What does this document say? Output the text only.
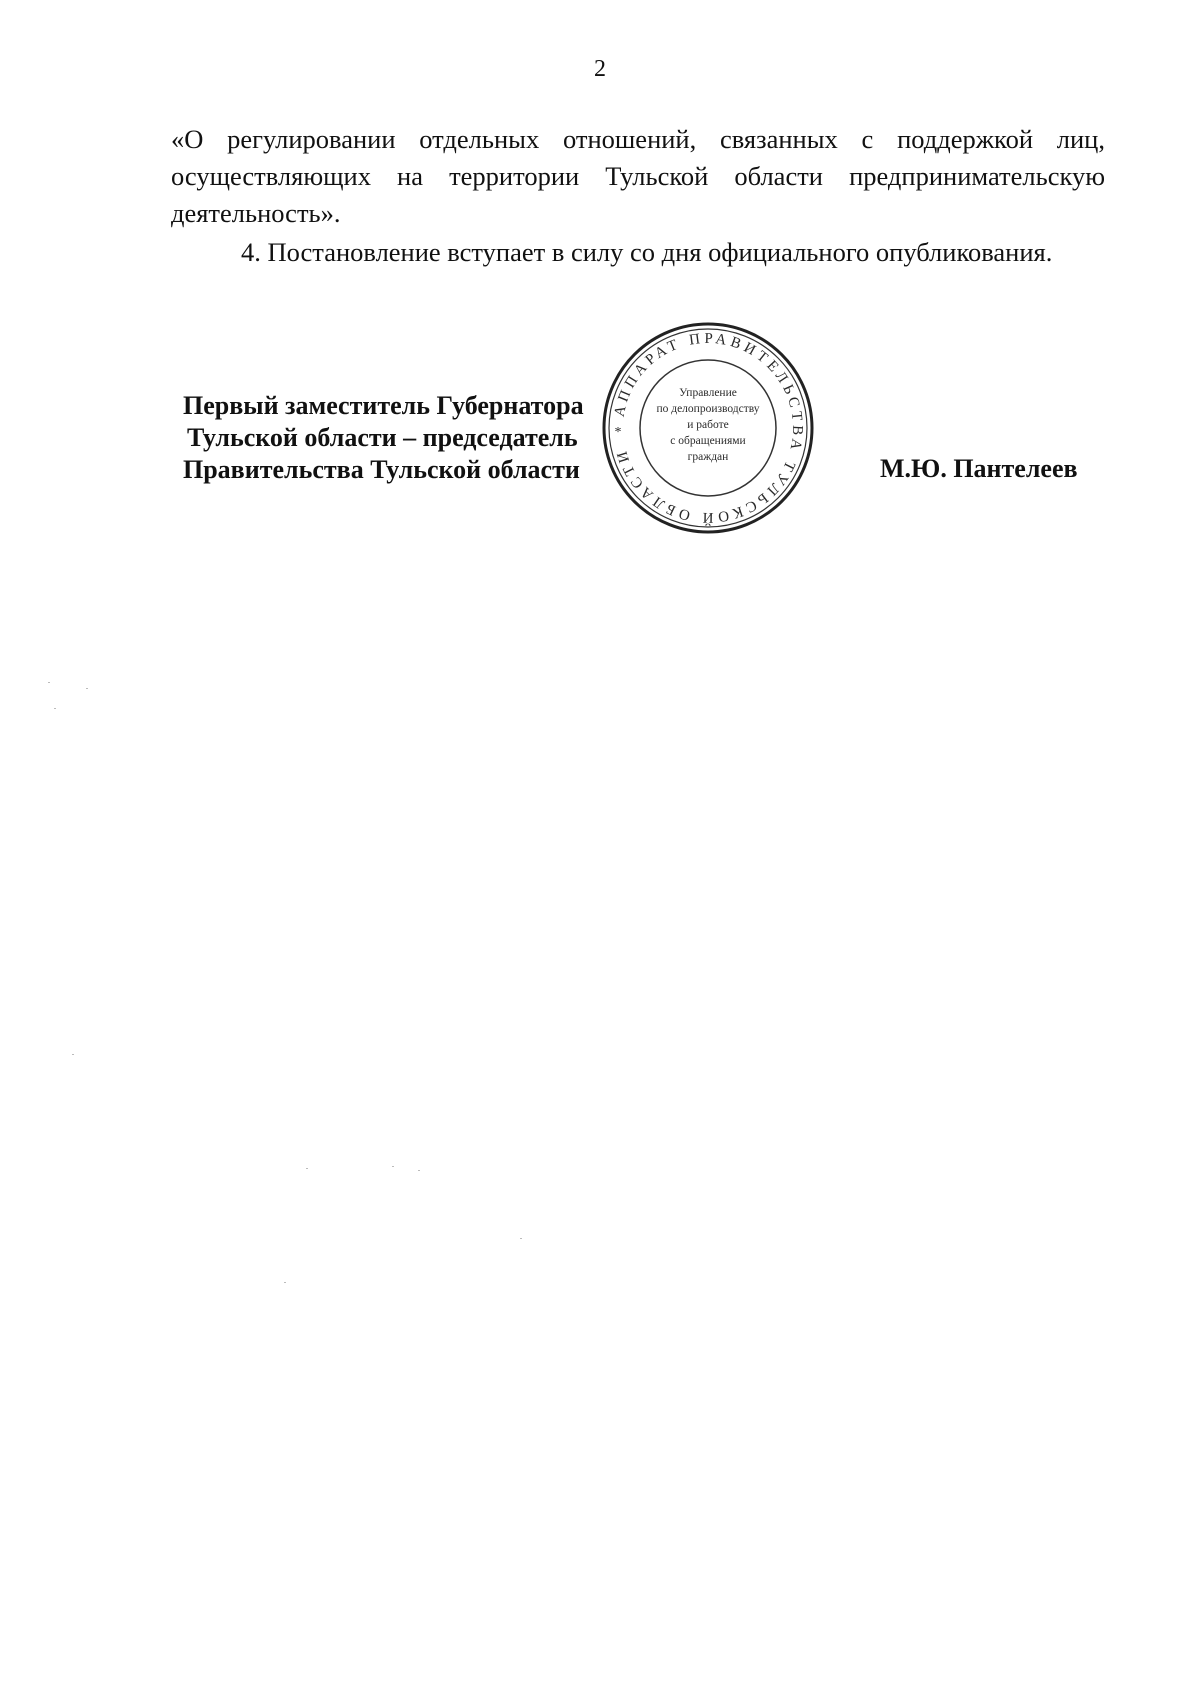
2

«О регулировании отдельных отношений, связанных с поддержкой лиц, осуществляющих на территории Тульской области предпринимательскую деятельность».

4. Постановление вступает в силу со дня официального опубликования.

Первый заместитель Губернатора
Тульской области – председатель
Правительства Тульской области	М.Ю. Пантелеев
АППАРАТ ПРАВИТЕЛЬСТВА ТУЛЬСКОЙ ОБЛАСТИ
Управление
по делопроизводству
и работе
с обращениями
граждан
*
